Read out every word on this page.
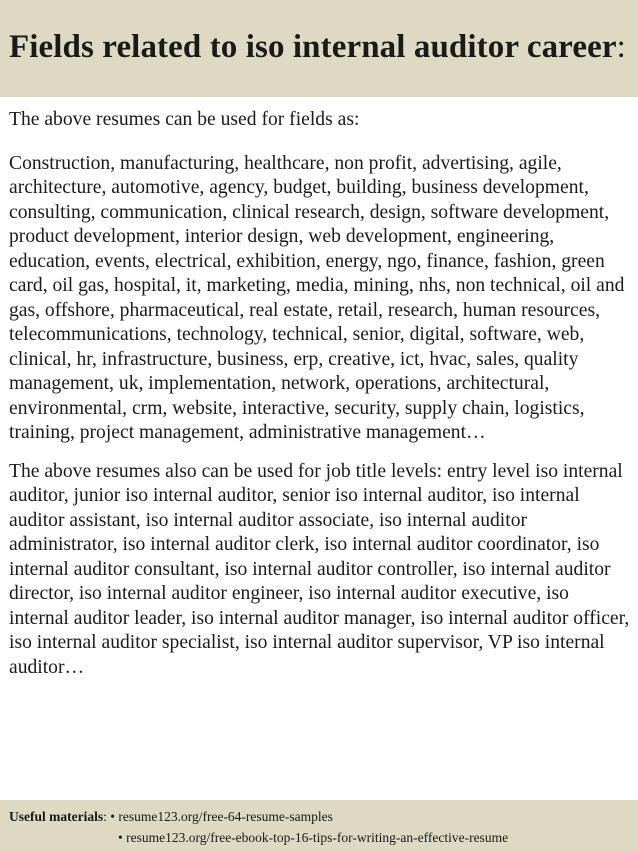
Fields related to iso internal auditor career:

The above resumes can be used for fields as:

Construction, manufacturing, healthcare, non profit, advertising, agile, architecture, automotive, agency, budget, building, business development, consulting, communication, clinical research, design, software development, product development, interior design, web development, engineering, education, events, electrical, exhibition, energy, ngo, finance, fashion, green card, oil gas, hospital, it, marketing, media, mining, nhs, non technical, oil and gas, offshore, pharmaceutical, real estate, retail, research, human resources, telecommunications, technology, technical, senior, digital, software, web, clinical, hr, infrastructure, business, erp, creative, ict, hvac, sales, quality management, uk, implementation, network, operations, architectural, environmental, crm, website, interactive, security, supply chain, logistics, training, project management, administrative management…

The above resumes also can be used for job title levels: entry level iso internal auditor, junior iso internal auditor, senior iso internal auditor, iso internal auditor assistant, iso internal auditor associate, iso internal auditor administrator, iso internal auditor clerk, iso internal auditor coordinator, iso internal auditor consultant, iso internal auditor controller, iso internal auditor director, iso internal auditor engineer, iso internal auditor executive, iso internal auditor leader, iso internal auditor manager, iso internal auditor officer, iso internal auditor specialist, iso internal auditor supervisor, VP iso internal auditor…

Useful materials: • resume123.org/free-64-resume-samples
• resume123.org/free-ebook-top-16-tips-for-writing-an-effective-resume
